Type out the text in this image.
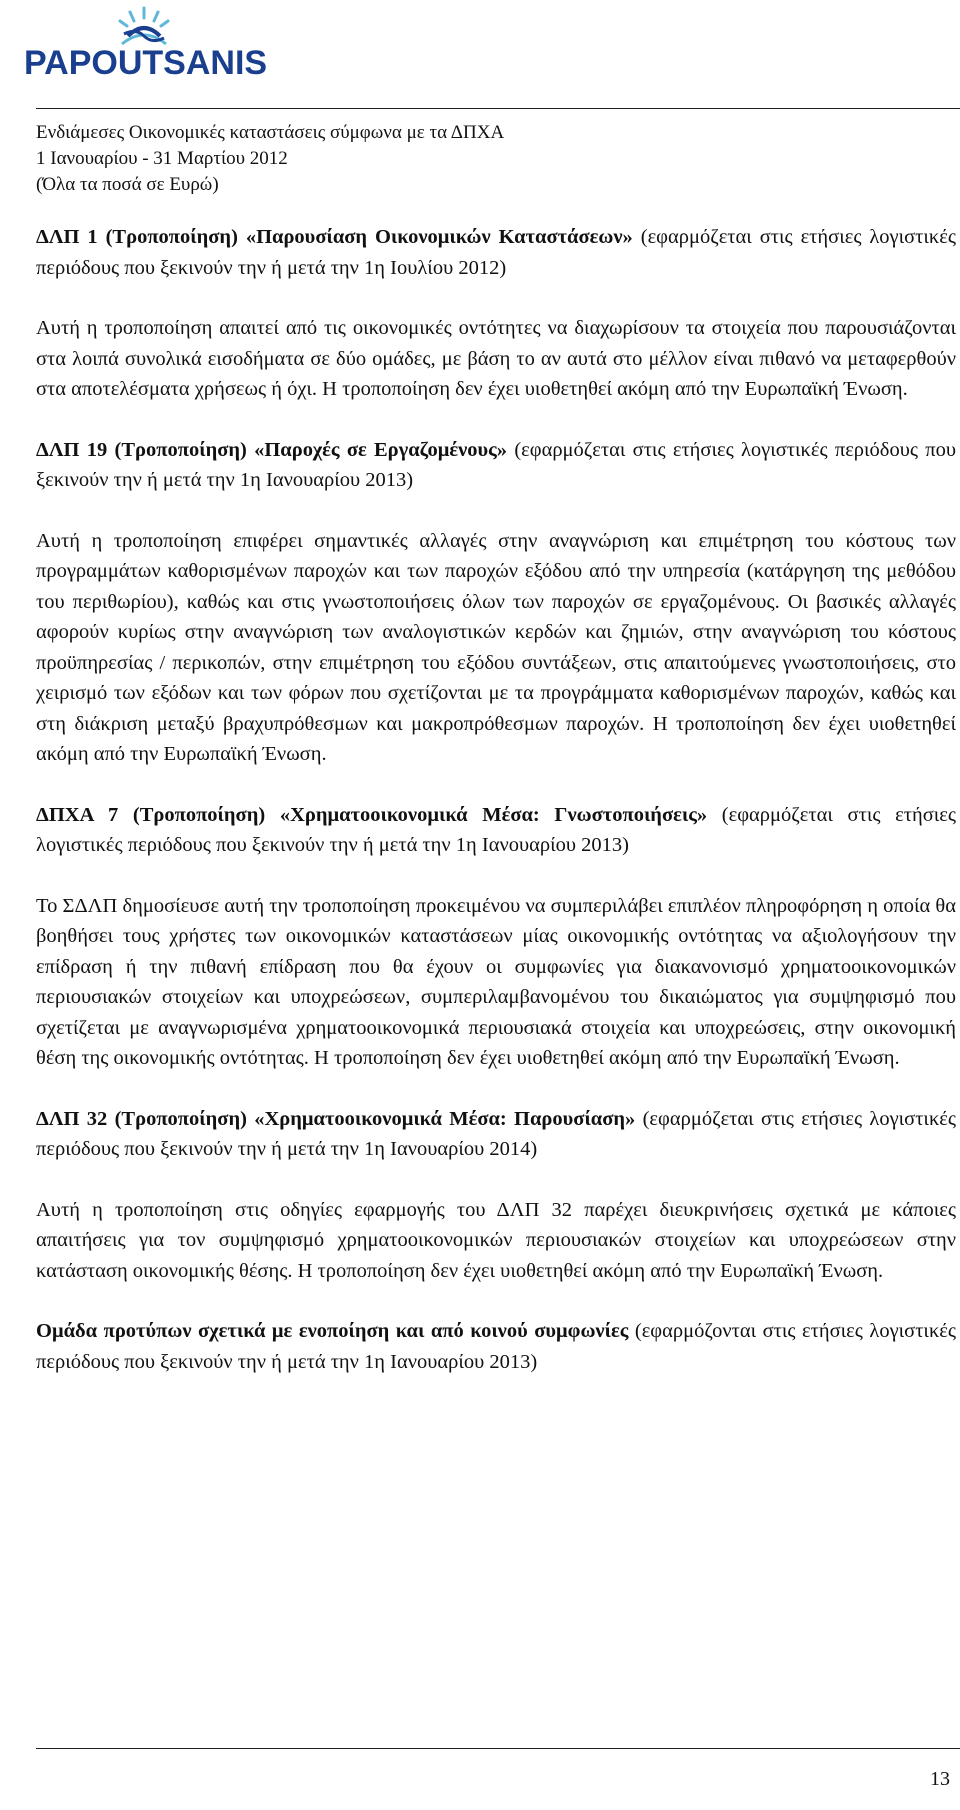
PAPOUTSANIS
Ενδιάμεσες Οικονομικές καταστάσεις σύμφωνα με τα ΔΠΧΑ
1 Ιανουαρίου - 31 Μαρτίου 2012
(Όλα τα ποσά σε Ευρώ)

ΔΛΠ 1 (Τροποποίηση) «Παρουσίαση Οικονομικών Καταστάσεων» (εφαρμόζεται στις ετήσιες λογιστικές περιόδους που ξεκινούν την ή μετά την 1η Ιουλίου 2012)

Αυτή η τροποποίηση απαιτεί από τις οικονομικές οντότητες να διαχωρίσουν τα στοιχεία που παρουσιάζονται στα λοιπά συνολικά εισοδήματα σε δύο ομάδες, με βάση το αν αυτά στο μέλλον είναι πιθανό να μεταφερθούν στα αποτελέσματα χρήσεως ή όχι. Η τροποποίηση δεν έχει υιοθετηθεί ακόμη από την Ευρωπαϊκή Ένωση.

ΔΛΠ 19 (Τροποποίηση) «Παροχές σε Εργαζομένους» (εφαρμόζεται στις ετήσιες λογιστικές περιόδους που ξεκινούν την ή μετά την 1η Ιανουαρίου 2013)

Αυτή η τροποποίηση επιφέρει σημαντικές αλλαγές στην αναγνώριση και επιμέτρηση του κόστους των προγραμμάτων καθορισμένων παροχών και των παροχών εξόδου από την υπηρεσία (κατάργηση της μεθόδου του περιθωρίου), καθώς και στις γνωστοποιήσεις όλων των παροχών σε εργαζομένους. Οι βασικές αλλαγές αφορούν κυρίως στην αναγνώριση των αναλογιστικών κερδών και ζημιών, στην αναγνώριση του κόστους προϋπηρεσίας / περικοπών, στην επιμέτρηση του εξόδου συντάξεων, στις απαιτούμενες γνωστοποιήσεις, στο χειρισμό των εξόδων και των φόρων που σχετίζονται με τα προγράμματα καθορισμένων παροχών, καθώς και στη διάκριση μεταξύ βραχυπρόθεσμων και μακροπρόθεσμων παροχών. Η τροποποίηση δεν έχει υιοθετηθεί ακόμη από την Ευρωπαϊκή Ένωση.

ΔΠΧΑ 7 (Τροποποίηση) «Χρηματοοικονομικά Μέσα: Γνωστοποιήσεις» (εφαρμόζεται στις ετήσιες λογιστικές περιόδους που ξεκινούν την ή μετά την 1η Ιανουαρίου 2013)

Το ΣΔΛΠ δημοσίευσε αυτή την τροποποίηση προκειμένου να συμπεριλάβει επιπλέον πληροφόρηση η οποία θα βοηθήσει τους χρήστες των οικονομικών καταστάσεων μίας οικονομικής οντότητας να αξιολογήσουν την επίδραση ή την πιθανή επίδραση που θα έχουν οι συμφωνίες για διακανονισμό χρηματοοικονομικών περιουσιακών στοιχείων και υποχρεώσεων, συμπεριλαμβανομένου του δικαιώματος για συμψηφισμό που σχετίζεται με αναγνωρισμένα χρηματοοικονομικά περιουσιακά στοιχεία και υποχρεώσεις, στην οικονομική θέση της οικονομικής οντότητας. Η τροποποίηση δεν έχει υιοθετηθεί ακόμη από την Ευρωπαϊκή Ένωση.

ΔΛΠ 32 (Τροποποίηση) «Χρηματοοικονομικά Μέσα: Παρουσίαση» (εφαρμόζεται στις ετήσιες λογιστικές περιόδους που ξεκινούν την ή μετά την 1η Ιανουαρίου 2014)

Αυτή η τροποποίηση στις οδηγίες εφαρμογής του ΔΛΠ 32 παρέχει διευκρινήσεις σχετικά με κάποιες απαιτήσεις για τον συμψηφισμό χρηματοοικονομικών περιουσιακών στοιχείων και υποχρεώσεων στην κατάσταση οικονομικής θέσης. Η τροποποίηση δεν έχει υιοθετηθεί ακόμη από την Ευρωπαϊκή Ένωση.

Ομάδα προτύπων σχετικά με ενοποίηση και από κοινού συμφωνίες (εφαρμόζονται στις ετήσιες λογιστικές περιόδους που ξεκινούν την ή μετά την 1η Ιανουαρίου 2013)

13
